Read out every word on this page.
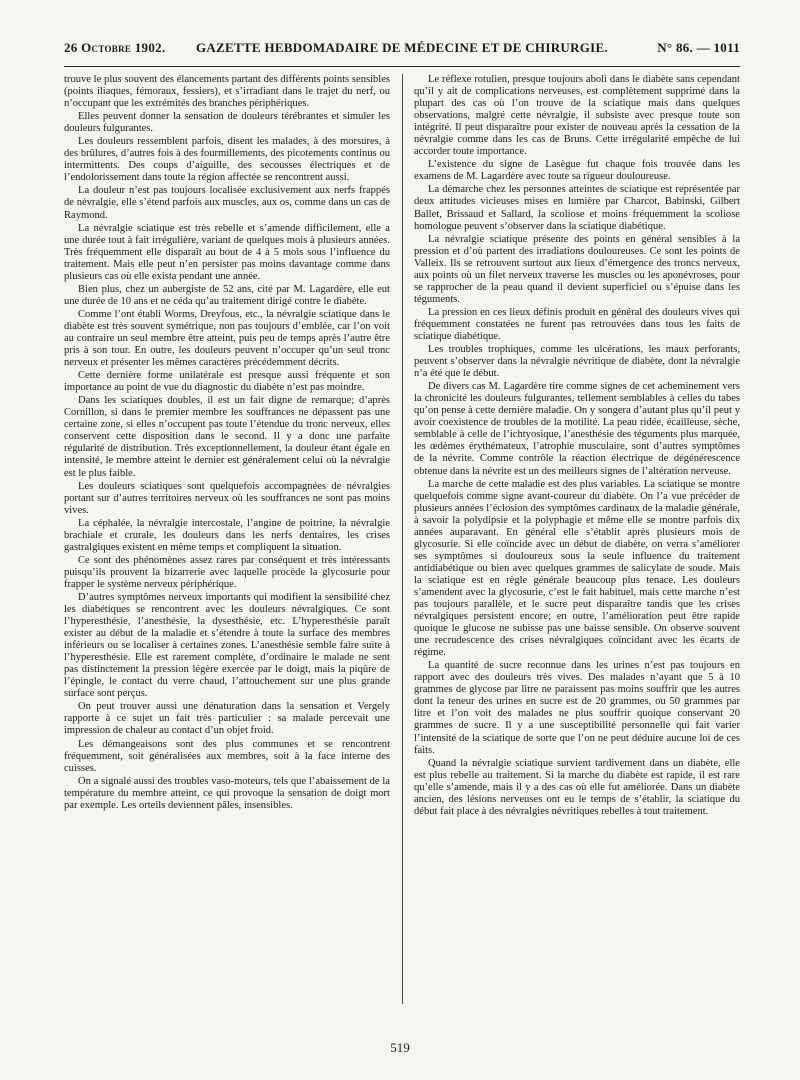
26 Octobre 1902.	GAZETTE HEBDOMADAIRE DE MÉDECINE ET DE CHIRURGIE.	N° 86. — 1011

trouve le plus souvent des élancements partant des différents points sensibles (points iliaques, fémoraux, fessiers), et s’irradiant dans le trajet du nerf, ou n’occupant que les extrémités des branches périphériques.

Elles peuvent donner la sensation de douleurs térébrantes et simuler les douleurs fulgurantes.

Les douleurs ressemblent parfois, disent les malades, à des morsures, à des brûlures, d’autres fois à des fourmillements, des picotements continus ou intermittents. Des coups d’aiguille, des secousses électriques et de l’endolorissement dans toute la région affectée se rencontrent aussi.

La douleur n’est pas toujours localisée exclusivement aux nerfs frappés de névralgie, elle s’étend parfois aux muscles, aux os, comme dans un cas de Raymond.

La névralgie sciatique est très rebelle et s’amende difficilement, elle a une durée tout à fait irrégulière, variant de quelques mois à plusieurs années. Très fréquemment elle disparaît au bout de 4 à 5 mois sous l’influence du traitement. Mais elle peut n’en persister pas moins davantage comme dans plusieurs cas où elle exista pendant une année.

Bien plus, chez un aubergiste de 52 ans, cité par M. Lagardère, elle eut une durée de 10 ans et ne céda qu’au traitement dirigé contre le diabète.

Comme l’ont établi Worms, Dreyfous, etc., la névralgie sciatique dans le diabète est très souvent symétrique, non pas toujours d’emblée, car l’on voit au contraire un seul membre être atteint, puis peu de temps après l’autre être pris à son tour. En outre, les douleurs peuvent n’occuper qu’un seul tronc nerveux et présenter les mêmes caractères précédemment décrits.

Cette dernière forme unilatérale est presque aussi fréquente et son importance au point de vue du diagnostic du diabète n’est pas moindre.

Dans les sciatiques doubles, il est un fait digne de remarque; d’après Cornillon, si dans le premier membre les souffrances ne dépassent pas une certaine zone, si elles n’occupent pas toute l’étendue du tronc nerveux, elles conservent cette disposition dans le second. Il y a donc une parfaite régularité de distribution. Très exceptionnellement, la douleur étant égale en intensité, le membre atteint le dernier est généralement celui où la névralgie est le plus faible.

Les douleurs sciatiques sont quelquefois accompagnées de névralgies portant sur d’autres territoires nerveux où les souffrances ne sont pas moins vives.

La céphalée, la névralgie intercostale, l’angine de poitrine, la névralgie brachiale et crurale, les douleurs dans les nerfs dentaires, les crises gastralgiques existent en même temps et compliquent la situation.

Ce sont des phénomènes assez rares par conséquent et très intéressants puisqu’ils prouvent la bizarrerie avec laquelle procède la glycosurie pour frapper le système nerveux périphérique.

D’autres symptômes nerveux importants qui modifient la sensibilité chez les diabétiques se rencontrent avec les douleurs névralgiques. Ce sont l’hyperesthésie, l’anesthésie, la dysesthésie, etc. L’hyperesthésie paraît exister au début de la maladie et s’étendre à toute la surface des membres inférieurs ou se localiser à certaines zones. L’anesthésie semble faire suite à l’hyperesthésie. Elle est rarement complète, d’ordinaire le malade ne sent pas distinctement la pression légère exercée par le doigt, mais la piqûre de l’épingle, le contact du verre chaud, l’attouchement sur une plus grande surface sont perçus.

On peut trouver aussi une dénaturation dans la sensation et Vergely rapporte à ce sujet un fait très particulier : sa malade percevait une impression de chaleur au contact d’un objet froid.

Les démangeaisons sont des plus communes et se rencontrent fréquemment, soit généralisées aux membres, soit à la face interne des cuisses.

On a signalé aussi des troubles vaso-moteurs, tels que l’abaissement de la température du membre atteint, ce qui provoque la sensation de doigt mort par exemple. Les orteils deviennent pâles, insensibles.

Le réflexe rotulien, presque toujours aboli dans le diabète sans cependant qu’il y ait de complications nerveuses, est complètement supprimé dans la plupart des cas où l’on trouve de la sciatique mais dans quelques observations, malgré cette névralgie, il subsiste avec presque toute son intégrité. Il peut disparaître pour exister de nouveau après la cessation de la névralgie comme dans les cas de Bruns. Cette irrégularité empêche de lui accorder toute importance.

L’existence du signe de Lasègue fut chaque fois trouvée dans les examens de M. Lagardère avec toute sa rigueur douloureuse.

La démarche chez les personnes atteintes de sciatique est représentée par deux attitudes vicieuses mises en lumière par Charcot, Babinski, Gilbert Ballet, Brissaud et Sallard, la scoliose et moins fréquemment la scoliose homologue peuvent s’observer dans la sciatique diabétique.

La névralgie sciatique présente des points en général sensibles à la pression et d’où partent des irradiations douloureuses. Ce sont les points de Valleix. Ils se retrouvent surtout aux lieux d’émergence des troncs nerveux, aux points où un filet nerveux traverse les muscles ou les aponévroses, pour se rapprocher de la peau quand il devient superficiel ou s’épuise dans les téguments.

La pression en ces lieux définis produit en général des douleurs vives qui fréquemment constatées ne furent pas retrouvées dans tous les faits de sciatique diabétique.

Les troubles trophiques, comme les ulcérations, les maux perforants, peuvent s’observer dans la névralgie névritique de diabète, dont la névralgie n’a été que le début.

De divers cas M. Lagardère tire comme signes de cet acheminement vers la chronicité les douleurs fulgurantes, tellement semblables à celles du tabes qu’on pense à cette dernière maladie. On y songera d’autant plus qu’il peut y avoir coexistence de troubles de la motilité. La peau ridée, écailleuse, sèche, semblable à celle de l’ichtyosique, l’anesthésie des téguments plus marquée, les œdèmes érythémateux, l’atrophie musculaire, sont d’autres symptômes de la névrite. Comme contrôle la réaction électrique de dégénérescence obtenue dans la névrite est un des meilleurs signes de l’altération nerveuse.

La marche de cette maladie est des plus variables. La sciatique se montre quelquefois comme signe avant-coureur du diabète. On l’a vue précéder de plusieurs années l’éclosion des symptômes cardinaux de la maladie générale, à savoir la polydipsie et la polyphagie et même elle se montre parfois dix années auparavant. En général elle s’établit après plusieurs mois de glycosurie. Si elle coïncide avec un début de diabète, on verra s’améliorer ses symptômes si douloureux sous la seule influence du traitement antidiabétique ou bien avec quelques grammes de salicylate de soude. Mais la sciatique est en règle générale beaucoup plus tenace. Les douleurs s’amendent avec la glycosurie, c’est le fait habituel, mais cette marche n’est pas toujours parallèle, et le sucre peut disparaître tandis que les crises névralgiques persistent encore; en outre, l’amélioration peut être rapide quoique le glucose ne subisse pas une baisse sensible. On observe souvent une recrudescence des crises névralgiques coïncidant avec les écarts de régime.

La quantité de sucre reconnue dans les urines n’est pas toujours en rapport avec des douleurs très vives. Des malades n’ayant que 5 à 10 grammes de glycose par litre ne paraissent pas moins souffrir que les autres dont la teneur des urines en sucre est de 20 grammes, ou 50 grammes par litre et l’on voit des malades ne plus souffrir quoique conservant 20 grammes de sucre. Il y a une susceptibilité personnelle qui fait varier l’intensité de la sciatique de sorte que l’on ne peut déduire aucune loi de ces faits.

Quand la névralgie sciatique survient tardivement dans un diabète, elle est plus rebelle au traitement. Si la marche du diabète est rapide, il est rare qu’elle s’amende, mais il y a des cas où elle fut améliorée. Dans un diabète ancien, des lésions nerveuses ont eu le temps de s’établir, la sciatique du début fait place à des névralgies névritiques rebelles à tout traitement.

519
